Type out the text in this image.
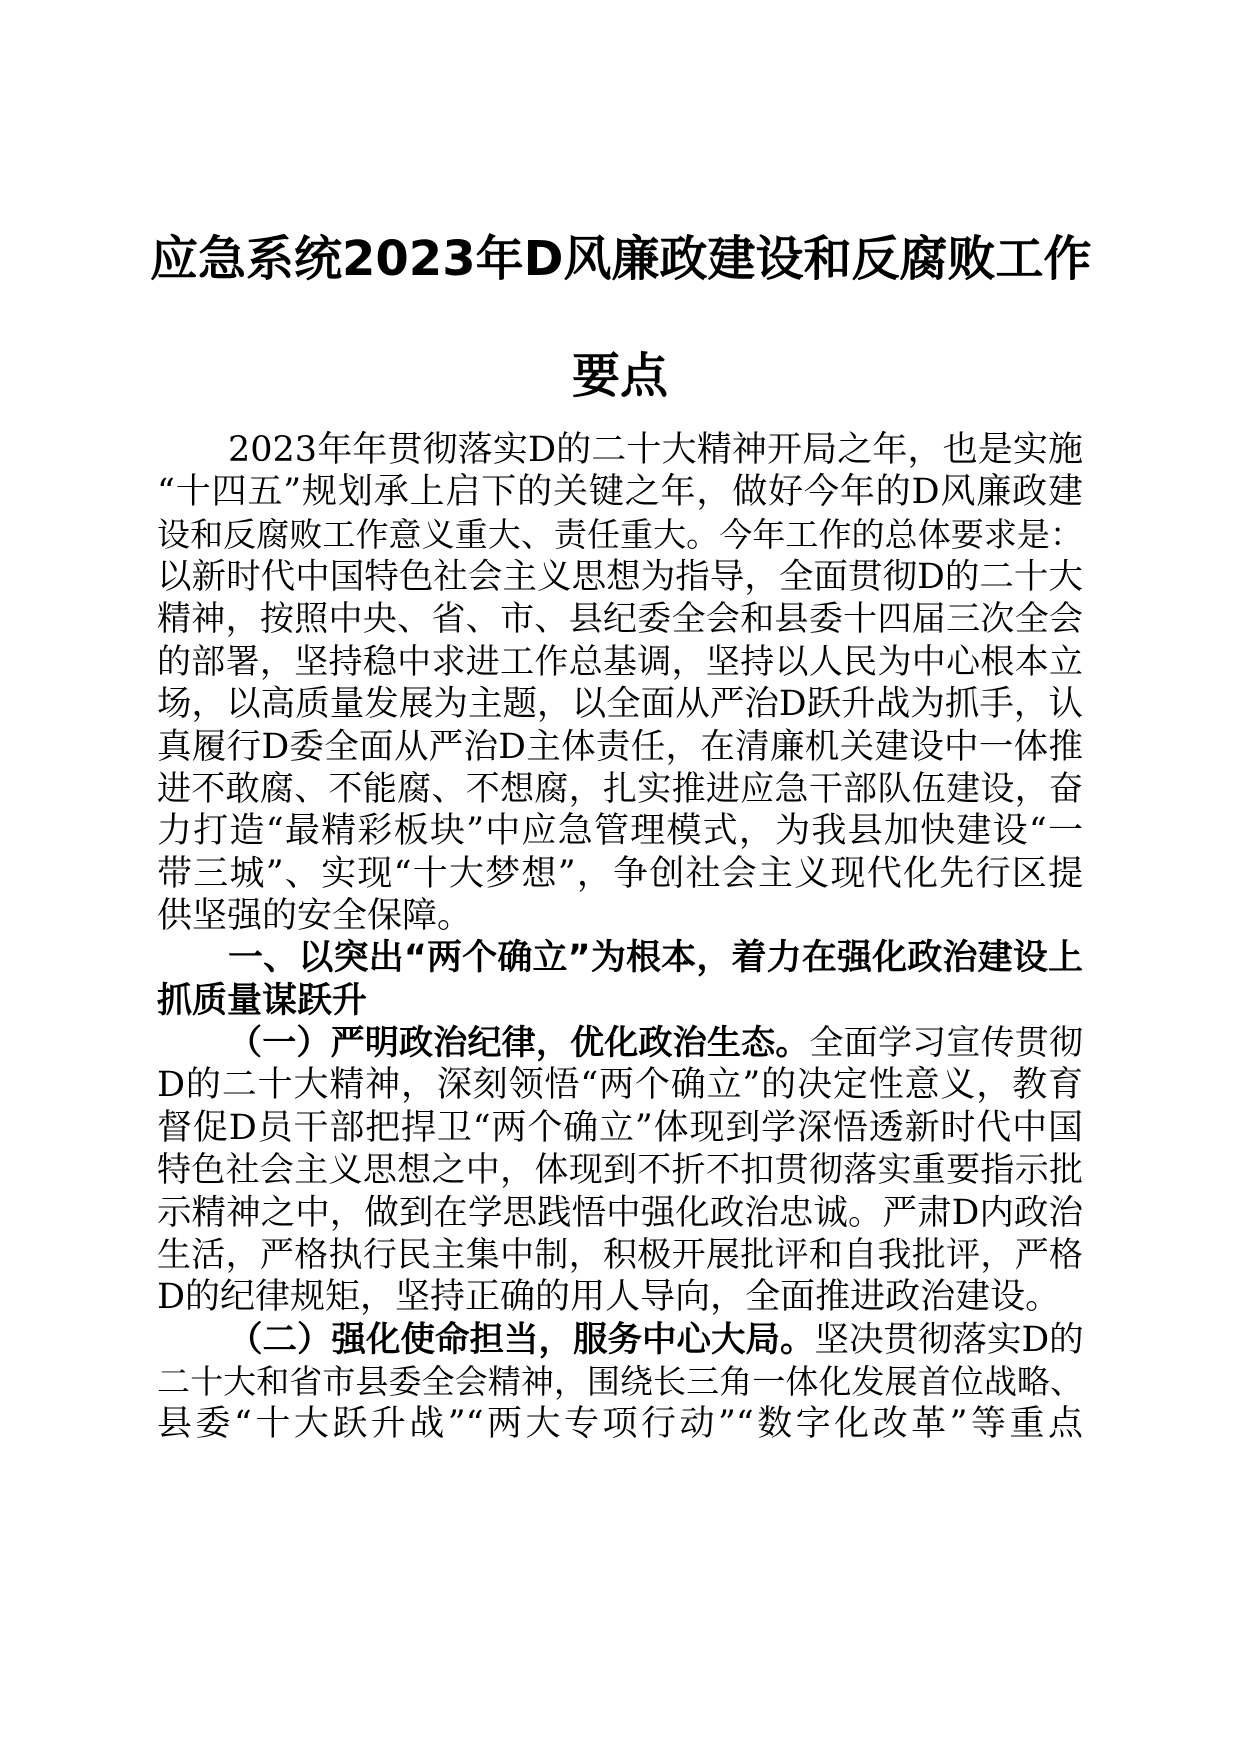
应急系统2023年D风廉政建设和反腐败工作
要点

2023年年贯彻落实D的二十大精神开局之年，也是实施

“十四五”规划承上启下的关键之年，做好今年的D风廉政建

设和反腐败工作意义重大、责任重大。今年工作的总体要求是：

以新时代中国特色社会主义思想为指导，全面贯彻D的二十大

精神，按照中央、省、市、县纪委全会和县委十四届三次全会

的部署，坚持稳中求进工作总基调，坚持以人民为中心根本立

场，以高质量发展为主题，以全面从严治D跃升战为抓手，认

真履行D委全面从严治D主体责任，在清廉机关建设中一体推

进不敢腐、不能腐、不想腐，扎实推进应急干部队伍建设，奋

力打造“最精彩板块”中应急管理模式，为我县加快建设“一

带三城”、实现“十大梦想”，争创社会主义现代化先行区提

供坚强的安全保障。

一、以突出“两个确立”为根本，着力在强化政治建设上

抓质量谋跃升

（一）严明政治纪律，优化政治生态。全面学习宣传贯彻

D的二十大精神，深刻领悟“两个确立”的决定性意义，教育

督促D员干部把捍卫“两个确立”体现到学深悟透新时代中国

特色社会主义思想之中，体现到不折不扣贯彻落实重要指示批

示精神之中，做到在学思践悟中强化政治忠诚。严肃D内政治

生活，严格执行民主集中制，积极开展批评和自我批评，严格

D的纪律规矩，坚持正确的用人导向，全面推进政治建设。

（二）强化使命担当，服务中心大局。坚决贯彻落实D的

二十大和省市县委全会精神，围绕长三角一体化发展首位战略、

县委“十大跃升战”“两大专项行动”“数字化改革”等重点
